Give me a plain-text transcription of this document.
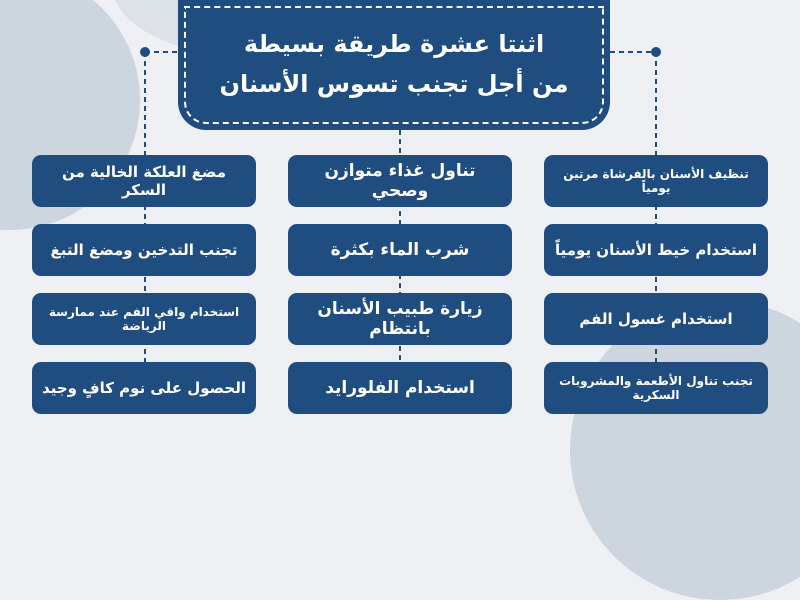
اثنتا عشرة طريقة بسيطة
من أجل تجنب تسوس الأسنان
تنظيف الأسنان بالفرشاة مرتين يومياً
استخدام خيط الأسنان يومياً
استخدام غسول الفم
تجنب تناول الأطعمة والمشروبات السكرية
تناول غذاء متوازن وصحي
شرب الماء بكثرة
زيارة طبيب الأسنان بانتظام
استخدام الفلورايد
مضغ العلكة الخالية من السكر
تجنب التدخين ومضغ التبغ
استخدام واقي الفم عند ممارسة الرياضة
الحصول على نوم كافٍ وجيد
